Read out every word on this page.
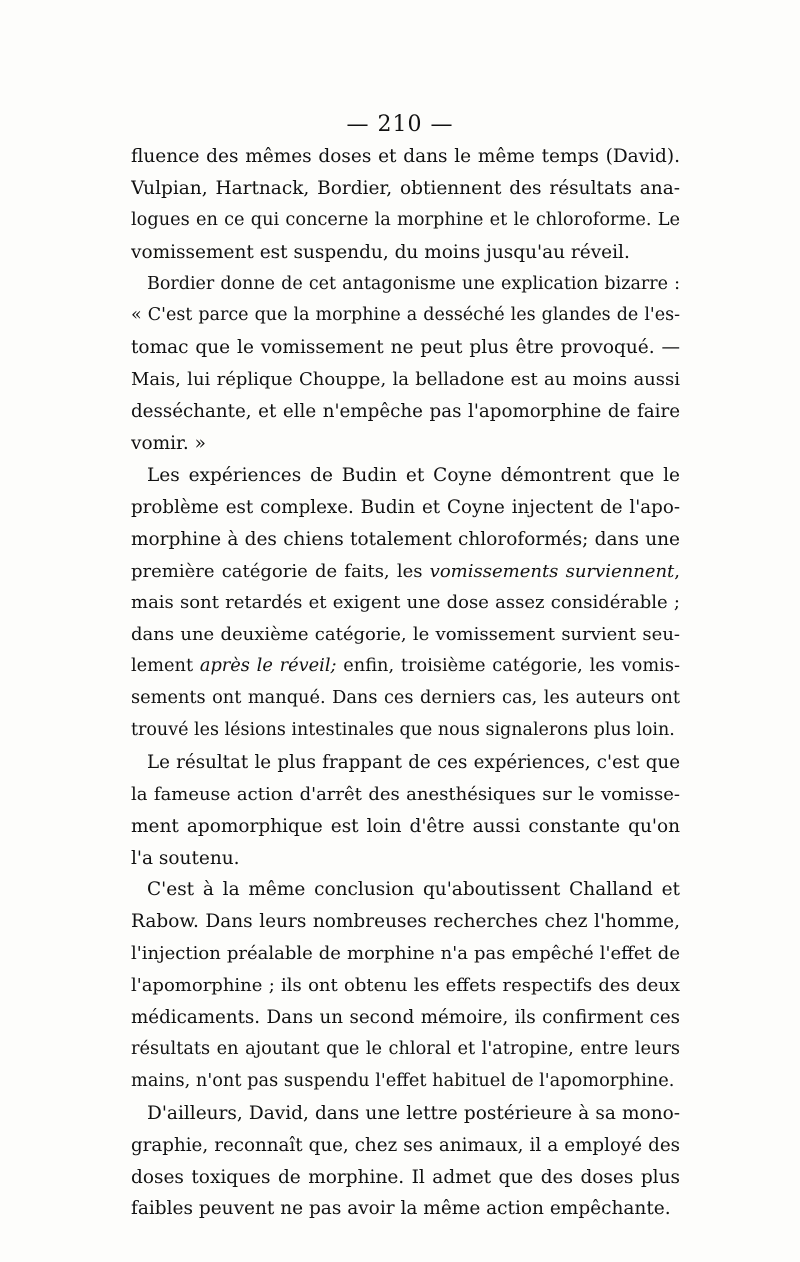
— 210 —
fluence des mêmes doses et dans le même temps (David).
Vulpian, Hartnack, Bordier, obtiennent des résultats ana-
logues en ce qui concerne la morphine et le chloroforme. Le
vomissement est suspendu, du moins jusqu'au réveil.
Bordier donne de cet antagonisme une explication bizarre :
« C'est parce que la morphine a desséché les glandes de l'es-
tomac que le vomissement ne peut plus être provoqué. —
Mais, lui réplique Chouppe, la belladone est au moins aussi
desséchante, et elle n'empêche pas l'apomorphine de faire
vomir. »
Les expériences de Budin et Coyne démontrent que le
problème est complexe. Budin et Coyne injectent de l'apo-
morphine à des chiens totalement chloroformés; dans une
première catégorie de faits, les vomissements surviennent,
mais sont retardés et exigent une dose assez considérable ;
dans une deuxième catégorie, le vomissement survient seu-
lement après le réveil; enfin, troisième catégorie, les vomis-
sements ont manqué. Dans ces derniers cas, les auteurs ont
trouvé les lésions intestinales que nous signalerons plus loin.
Le résultat le plus frappant de ces expériences, c'est que
la fameuse action d'arrêt des anesthésiques sur le vomisse-
ment apomorphique est loin d'être aussi constante qu'on
l'a soutenu.
C'est à la même conclusion qu'aboutissent Challand et
Rabow. Dans leurs nombreuses recherches chez l'homme,
l'injection préalable de morphine n'a pas empêché l'effet de
l'apomorphine ; ils ont obtenu les effets respectifs des deux
médicaments. Dans un second mémoire, ils confirment ces
résultats en ajoutant que le chloral et l'atropine, entre leurs
mains, n'ont pas suspendu l'effet habituel de l'apomorphine.
D'ailleurs, David, dans une lettre postérieure à sa mono-
graphie, reconnaît que, chez ses animaux, il a employé des
doses toxiques de morphine. Il admet que des doses plus
faibles peuvent ne pas avoir la même action empêchante.
